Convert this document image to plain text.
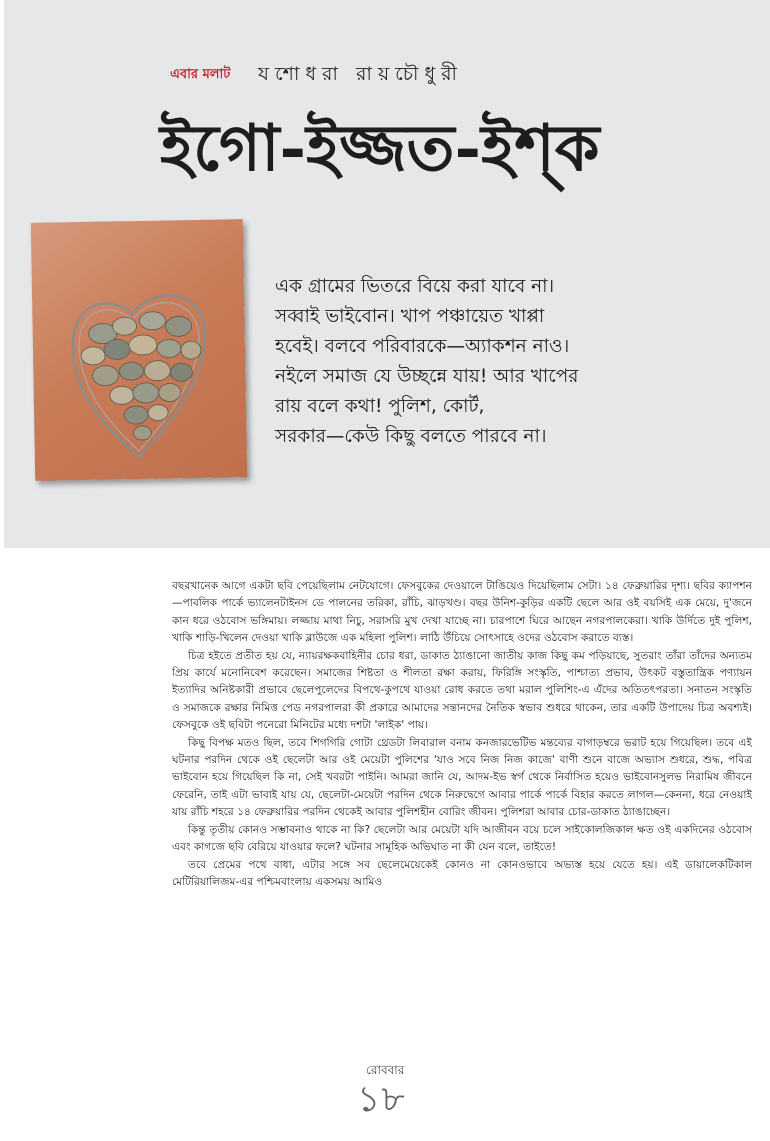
এবার মলাট যশোধরা রায়চৌধুরী
ইগো-ইজ্জত-ইশ্‌ক
এক গ্রামের ভিতরে বিয়ে করা যাবে না।
সব্বাই ভাইবোন। খাপ পঞ্চায়েত খাপ্পা
হবেই। বলবে পরিবারকে—অ্যাকশন নাও।
নইলে সমাজ যে উচ্ছন্নে যায়! আর খাপের
রায় বলে কথা! পুলিশ, কোর্ট,
সরকার—কেউ কিছু বলতে পারবে না।

বছরখানেক আগে একটা ছবি পেয়েছিলাম নেটযোগে। ফেসবুকের দেওয়ালে টাঙিয়েও দিয়েছিলাম সেটা। ১৪ ফেব্রুয়ারির দৃশ্য। ছবির ক্যাপশন—পাবলিক পার্কে ভ্যালেনটাইনস ডে পালনের তরিকা, রাঁচি, ঝাড়খণ্ড। বছর উনিশ-কুড়ির একটি ছেলে আর ওই বয়সিই এক মেয়ে, দু'জনে কান ধরে ওঠবোস ভঙ্গিমায়। লজ্জায় মাথা নিচু, সরাসরি মুখ দেখা যাচ্ছে না। চারপাশে ঘিরে আছেন নগরপালকেরা। খাকি উর্দিতে দুই পুলিশ, খাকি শাড়ি-খিলেন দেওয়া খাকি ব্লাউজে এক মহিলা পুলিশ। লাঠি উঁচিয়ে সোৎসাহে ওদের ওঠবোস করাতে ব্যস্ত।

চিত্র হইতে প্রতীত হয় যে, ন্যায়রক্ষকবাহিনীর চোর ধরা, ডাকাত ঠ্যাঙানো জাতীয় কাজ কিছু কম পড়িয়াছে, সুতরাং তাঁরা তাঁদের অন্যতম প্রিয় কার্যে মনোনিবেশ করেছেন। সমাজের শিষ্টতা ও শীলতা রক্ষা করায়, ফিরিঙ্গি সংস্কৃতি, পাশ্চাত্য প্রভাব, উৎকট বস্তুতান্ত্রিক পণ্যায়ন ইত্যাদির অনিষ্টকারী প্রভাবে ছেলেপুলেদের বিপথে-কুপথে যাওয়া রোধ করতে তথা মরাল পুলিশিং-এ এঁদের অতিতৎপরতা। সনাতন সংস্কৃতি ও সমাজকে রক্ষার নিমিত্ত পেড নগরপালরা কী প্রকারে আমাদের সন্তানদের নৈতিক স্বভাব শুধরে থাকেন, তার একটি উপাদেয় চিত্র অবশ্যই। ফেসবুকে ওই ছবিটা পনেরো মিনিটের মধ্যে দশটা 'লাইক' পায়।

কিছু বিপক্ষ মতও ছিল, তবে শিগগিরি গোটা থ্রেডটা লিবারাল বনাম কনজারভেটিভ মন্তব্যের বাগাড়ম্বরে ভরাট হয়ে গিয়েছিল। তবে এই ঘটনার পরদিন থেকে ওই ছেলেটা আর ওই মেয়েটা পুলিশের 'যাও সবে নিজ নিজ কাজে' বাণী শুনে বাজে অভ্যাস শুধরে, শুদ্ধ, পবিত্র ভাইবোন হয়ে গিয়েছিল কি না, সেই খবরটা পাইনি। আমরা জানি যে, আদম-ইভ স্বর্গ থেকে নির্বাসিত হয়েও ভাইবোনসুলভ নিরামিষ জীবনে ফেরেনি, তাই এটা ভাবাই যায় যে, ছেলেটা-মেয়েটা পরদিন থেকে নিরুদ্বেগে আবার পার্কে পার্কে বিহার করতে লাগল—কেননা, ধরে নেওয়াই যায় রাঁচি শহরে ১৪ ফেব্রুয়ারির পরদিন থেকেই আবার পুলিশহীন বোরিং জীবন। পুলিশরা আবার চোর-ডাকাত ঠ্যাঙাচ্ছেন।

কিন্তু তৃতীয় কোনও সম্ভাবনাও থাকে না কি? ছেলেটা আর মেয়েটা যদি আজীবন বয়ে চলে সাইকোলজিকাল ক্ষত ওই একদিনের ওঠবোস এবং কাগজে ছবি বেরিয়ে যাওয়ার ফলে? ঘটনার সামূহিক অভিঘাত না কী যেন বলে, তাইতে!

তবে প্রেমের পথে বাধা, এটার সঙ্গে সব ছেলেমেয়েকেই কোনও না কোনওভাবে অভ্যস্ত হয়ে যেতে হয়। এই ডায়ালেকটিকাল মেটিরিয়ালিজম-এর পশ্চিমবাংলায় একসময় আমিও

রোববার
১৮
